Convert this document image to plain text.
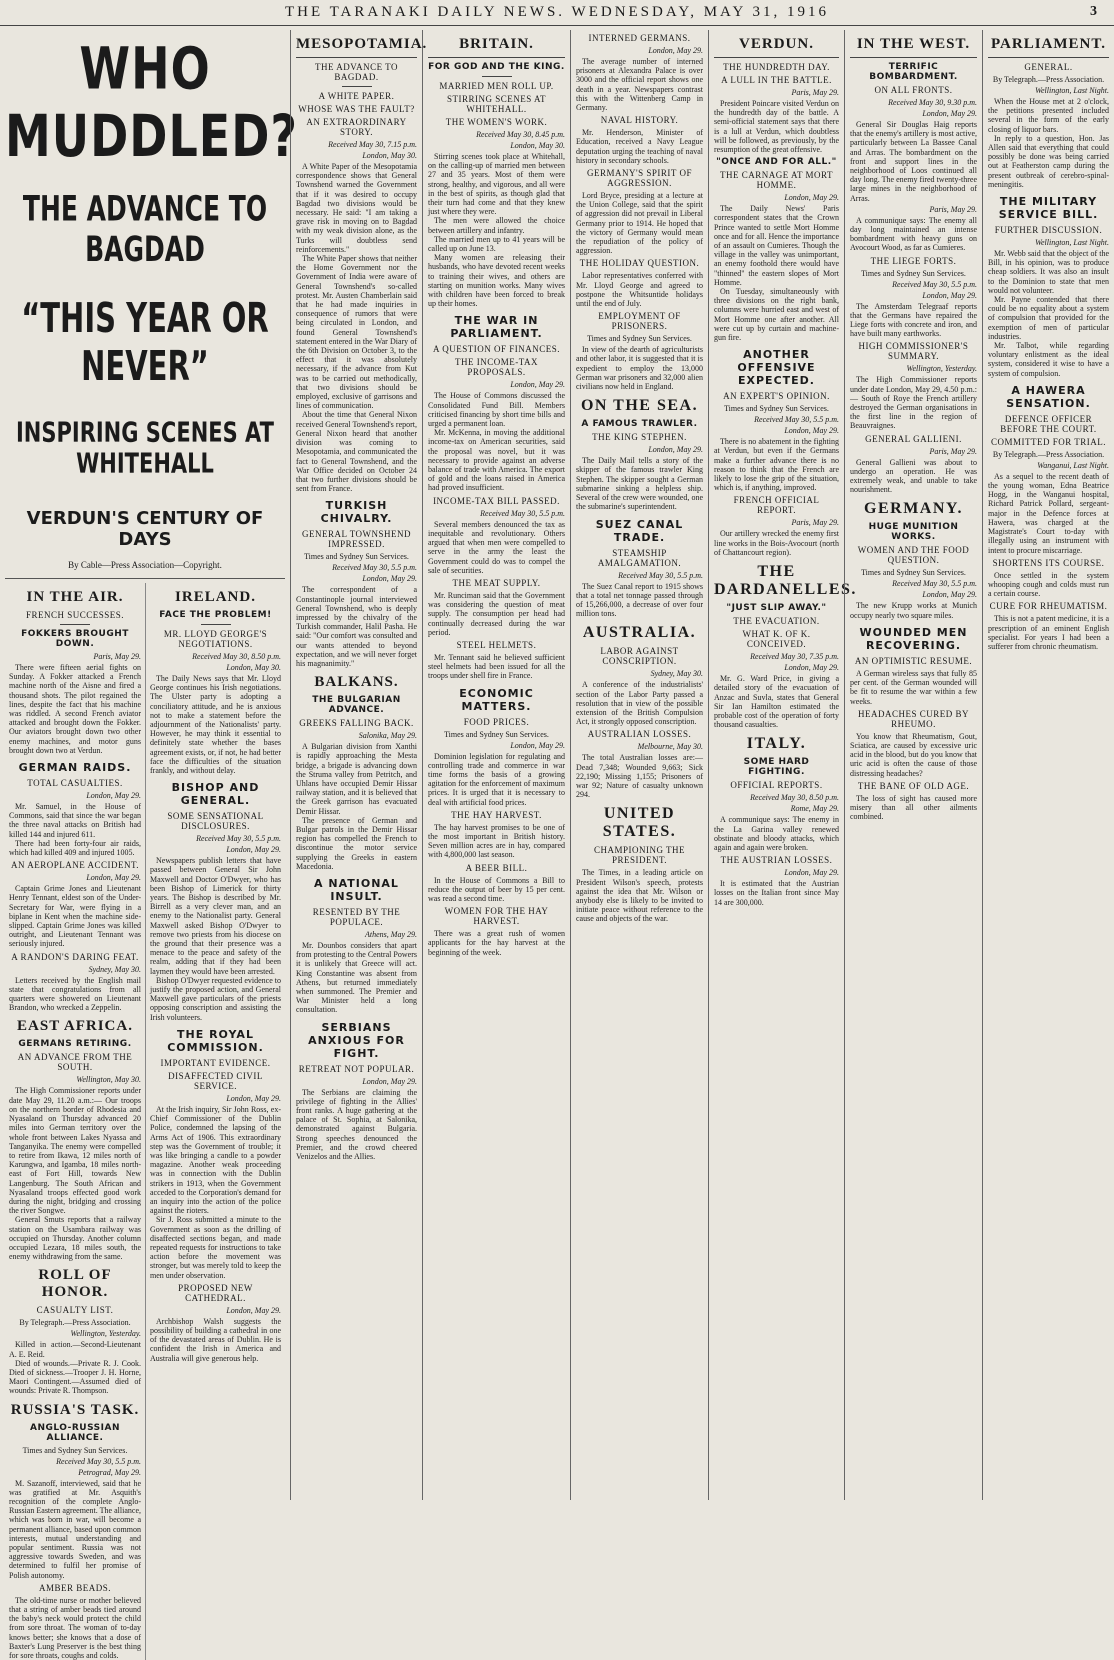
THE TARANAKI DAILY NEWS. WEDNESDAY, MAY 31, 1916	3
WHO MUDDLED?
THE ADVANCE TO BAGDAD
“THIS YEAR OR NEVER”
INSPIRING SCENES AT WHITEHALL
VERDUN'S CENTURY OF DAYS
By Cable—Press Association—Copyright.
IN THE AIR.
FRENCH SUCCESSES.
FOKKERS BROUGHT DOWN.
Paris, May 29.

There were fifteen aerial fights on Sunday. A Fokker attacked a French machine north of the Aisne and fired a thousand shots. The pilot regained the lines, despite the fact that his machine was riddled. A second French aviator attacked and brought down the Fokker. Our aviators brought down two other enemy machines, and motor guns brought down two at Verdun.

GERMAN RAIDS.
TOTAL CASUALTIES.
London, May 29.

Mr. Samuel, in the House of Commons, said that since the war began the three naval attacks on British had killed 144 and injured 611.

There had been forty-four air raids, which had killed 409 and injured 1005.

AN AEROPLANE ACCIDENT.
London, May 29.

Captain Grime Jones and Lieutenant Henry Tennant, eldest son of the Under-Secretary for War, were flying in a biplane in Kent when the machine side-slipped. Captain Grime Jones was killed outright, and Lieutenant Tennant was seriously injured.

A RANDON'S DARING FEAT.
Sydney, May 30.

Letters received by the English mail state that congratulations from all quarters were showered on Lieutenant Brandon, who wrecked a Zeppelin.

EAST AFRICA.
GERMANS RETIRING.
AN ADVANCE FROM THE SOUTH.
Wellington, May 30.

The High Commissioner reports under date May 29, 11.20 a.m.:— Our troops on the northern border of Rhodesia and Nyasaland on Thursday advanced 20 miles into German territory over the whole front between Lakes Nyassa and Tanganyika. The enemy were compelled to retire from Ikawa, 12 miles north of Karungwa, and Igamba, 18 miles north-east of Fort Hill, towards New Langenburg. The South African and Nyasaland troops effected good work during the night, bridging and crossing the river Songwe.

General Smuts reports that a railway station on the Usambara railway was occupied on Thursday. Another column occupied Lezara, 18 miles south, the enemy withdrawing from the same.

ROLL OF HONOR.
CASUALTY LIST.
By Telegraph.—Press Association.
Wellington, Yesterday.

Killed in action.—Second-Lieutenant A. E. Reid.

Died of wounds.—Private R. J. Cook. Died of sickness.—Trooper J. H. Horne, Maori Contingent.—Assumed died of wounds: Private R. Thompson.

RUSSIA'S TASK.
ANGLO-RUSSIAN ALLIANCE.
Times and Sydney Sun Services.
Received May 30, 5.5 p.m.
Petrograd, May 29.

M. Sazanoff, interviewed, said that he was gratified at Mr. Asquith's recognition of the complete Anglo-Russian Eastern agreement. The alliance, which was born in war, will become a permanent alliance, based upon common interests, mutual understanding and popular sentiment. Russia was not aggressive towards Sweden, and was determined to fulfil her promise of Polish autonomy.

AMBER BEADS.

The old-time nurse or mother believed that a string of amber beads tied around the baby's neck would protect the child from sore throat. The woman of to-day knows better; she knows that a dose of Baxter's Lung Preserver is the best thing for sore throats, coughs and colds.

IRELAND.
FACE THE PROBLEM!
MR. LLOYD GEORGE'S NEGOTIATIONS.
Received May 30, 8.50 p.m.
London, May 30.

The Daily News says that Mr. Lloyd George continues his Irish negotiations. The Ulster party is adopting a conciliatory attitude, and he is anxious not to make a statement before the adjournment of the Nationalists' party. However, he may think it essential to definitely state whether the bases agreement exists, or, if not, he had better face the difficulties of the situation frankly, and without delay.

BISHOP AND GENERAL.
SOME SENSATIONAL DISCLOSURES.
Received May 30, 5.5 p.m.
London, May 29.

Newspapers publish letters that have passed between General Sir John Maxwell and Doctor O'Dwyer, who has been Bishop of Limerick for thirty years. The Bishop is described by Mr. Birrell as a very clever man, and an enemy to the Nationalist party. General Maxwell asked Bishop O'Dwyer to remove two priests from his diocese on the ground that their presence was a menace to the peace and safety of the realm, adding that if they had been laymen they would have been arrested.

Bishop O'Dwyer requested evidence to justify the proposed action, and General Maxwell gave particulars of the priests opposing conscription and assisting the Irish volunteers.

THE ROYAL COMMISSION.
IMPORTANT EVIDENCE.
DISAFFECTED CIVIL SERVICE.
London, May 29.

At the Irish inquiry, Sir John Ross, ex-Chief Commissioner of the Dublin Police, condemned the lapsing of the Arms Act of 1906. This extraordinary step was the Government of trouble; it was like bringing a candle to a powder magazine. Another weak proceeding was in connection with the Dublin strikers in 1913, when the Government acceded to the Corporation's demand for an inquiry into the action of the police against the rioters.

Sir J. Ross submitted a minute to the Government as soon as the drilling of disaffected sections began, and made repeated requests for instructions to take action before the movement was stronger, but was merely told to keep the men under observation.

PROPOSED NEW CATHEDRAL.
London, May 29.

Archbishop Walsh suggests the possibility of building a cathedral in one of the devastated areas of Dublin. He is confident the Irish in America and Australia will give generous help.

MESOPOTAMIA.
THE ADVANCE TO BAGDAD.
A WHITE PAPER.
WHOSE WAS THE FAULT?
AN EXTRAORDINARY STORY.
Received May 30, 7.15 p.m.
London, May 30.

A White Paper of the Mesopotamia correspondence shows that General Townshend warned the Government that if it was desired to occupy Bagdad two divisions would be necessary. He said: "I am taking a grave risk in moving on to Bagdad with my weak division alone, as the Turks will doubtless send reinforcements."

The White Paper shows that neither the Home Government nor the Government of India were aware of General Townshend's so-called protest. Mr. Austen Chamberlain said that he had made inquiries in consequence of rumors that were being circulated in London, and found General Townshend's statement entered in the War Diary of the 6th Division on October 3, to the effect that it was absolutely necessary, if the advance from Kut was to be carried out methodically, that two divisions should be employed, exclusive of garrisons and lines of communication.

About the time that General Nixon received General Townshend's report, General Nixon heard that another division was coming to Mesopotamia, and communicated the fact to General Townshend, and the War Office decided on October 24 that two further divisions should be sent from France.

TURKISH CHIVALRY.
GENERAL TOWNSHEND IMPRESSED.
Times and Sydney Sun Services.
Received May 30, 5.5 p.m.
London, May 29.

The correspondent of a Constantinople journal interviewed General Townshend, who is deeply impressed by the chivalry of the Turkish commander, Halil Pasha. He said: "Our comfort was consulted and our wants attended to beyond expectation, and we will never forget his magnanimity."

BALKANS.
THE BULGARIAN ADVANCE.
GREEKS FALLING BACK.
Salonika, May 29.

A Bulgarian division from Xanthi is rapidly approaching the Mesta bridge, a brigade is advancing down the Struma valley from Petritch, and Uhlans have occupied Demir Hissar railway station, and it is believed that the Greek garrison has evacuated Demir Hissar.

The presence of German and Bulgar patrols in the Demir Hissar region has compelled the French to discontinue the motor service supplying the Greeks in eastern Macedonia.

A NATIONAL INSULT.
RESENTED BY THE POPULACE.
Athens, May 29.

Mr. Dounbos considers that apart from protesting to the Central Powers it is unlikely that Greece will act. King Constantine was absent from Athens, but returned immediately when summoned. The Premier and War Minister held a long consultation.

SERBIANS ANXIOUS FOR FIGHT.
RETREAT NOT POPULAR.
London, May 29.

The Serbians are claiming the privilege of fighting in the Allies' front ranks. A huge gathering at the palace of St. Sophia, at Salonika, demonstrated against Bulgaria. Strong speeches denounced the Premier, and the crowd cheered Venizelos and the Allies.

BRITAIN.
FOR GOD AND THE KING.
MARRIED MEN ROLL UP.
STIRRING SCENES AT WHITEHALL.
THE WOMEN'S WORK.
Received May 30, 8.45 p.m.
London, May 30.

Stirring scenes took place at Whitehall, on the calling-up of married men between 27 and 35 years. Most of them were strong, healthy, and vigorous, and all were in the best of spirits, as though glad that their turn had come and that they knew just where they were.

The men were allowed the choice between artillery and infantry.

The married men up to 41 years will be called up on June 13.

Many women are releasing their husbands, who have devoted recent weeks to training their wives, and others are starting on munition works. Many wives with children have been forced to break up their homes.

THE WAR IN PARLIAMENT.
A QUESTION OF FINANCES.
THE INCOME-TAX PROPOSALS.
London, May 29.

The House of Commons discussed the Consolidated Fund Bill. Members criticised financing by short time bills and urged a permanent loan.

Mr. McKenna, in moving the additional income-tax on American securities, said the proposal was novel, but it was necessary to provide against an adverse balance of trade with America. The export of gold and the loans raised in America had proved insufficient.

INCOME-TAX BILL PASSED.
Received May 30, 5.5 p.m.

Several members denounced the tax as inequitable and revolutionary. Others argued that when men were compelled to serve in the army the least the Government could do was to compel the sale of securities.

THE MEAT SUPPLY.

Mr. Runciman said that the Government was considering the question of meat supply. The consumption per head had continually decreased during the war period.

STEEL HELMETS.

Mr. Tennant said he believed sufficient steel helmets had been issued for all the troops under shell fire in France.

ECONOMIC MATTERS.
FOOD PRICES.
Times and Sydney Sun Services.
London, May 29.

Dominion legislation for regulating and controlling trade and commerce in war time forms the basis of a growing agitation for the enforcement of maximum prices. It is urged that it is necessary to deal with artificial food prices.

THE HAY HARVEST.

The hay harvest promises to be one of the most important in British history. Seven million acres are in hay, compared with 4,800,000 last season.

A BEER BILL.

In the House of Commons a Bill to reduce the output of beer by 15 per cent. was read a second time.

WOMEN FOR THE HAY HARVEST.

There was a great rush of women applicants for the hay harvest at the beginning of the week.

INTERNED GERMANS.
London, May 29.

The average number of interned prisoners at Alexandra Palace is over 3000 and the official report shows one death in a year. Newspapers contrast this with the Wittenberg Camp in Germany.

NAVAL HISTORY.

Mr. Henderson, Minister of Education, received a Navy League deputation urging the teaching of naval history in secondary schools.

GERMANY'S SPIRIT OF AGGRESSION.

Lord Bryce, presiding at a lecture at the Union College, said that the spirit of aggression did not prevail in Liberal Germany prior to 1914. He hoped that the victory of Germany would mean the repudiation of the policy of aggression.

THE HOLIDAY QUESTION.

Labor representatives conferred with Mr. Lloyd George and agreed to postpone the Whitsuntide holidays until the end of July.

EMPLOYMENT OF PRISONERS.
Times and Sydney Sun Services.

In view of the dearth of agriculturists and other labor, it is suggested that it is expedient to employ the 13,000 German war prisoners and 32,000 alien civilians now held in England.

ON THE SEA.
A FAMOUS TRAWLER.
THE KING STEPHEN.
London, May 29.

The Daily Mail tells a story of the skipper of the famous trawler King Stephen. The skipper sought a German submarine sinking a helpless ship. Several of the crew were wounded, one the submarine's superintendent.

SUEZ CANAL TRADE.
STEAMSHIP AMALGAMATION.
Received May 30, 5.5 p.m.

The Suez Canal report to 1915 shows that a total net tonnage passed through of 15,266,000, a decrease of over four million tons.

AUSTRALIA.
LABOR AGAINST CONSCRIPTION.
Sydney, May 30.

A conference of the industrialists' section of the Labor Party passed a resolution that in view of the possible extension of the British Compulsion Act, it strongly opposed conscription.

AUSTRALIAN LOSSES.
Melbourne, May 30.

The total Australian losses are:— Dead 7,348; Wounded 9,663; Sick 22,190; Missing 1,155; Prisoners of war 92; Nature of casualty unknown 294.

UNITED STATES.
CHAMPIONING THE PRESIDENT.

The Times, in a leading article on President Wilson's speech, protests against the idea that Mr. Wilson or anybody else is likely to be invited to initiate peace without reference to the cause and objects of the war.

VERDUN.
THE HUNDREDTH DAY.
A LULL IN THE BATTLE.
Paris, May 29.

President Poincare visited Verdun on the hundredth day of the battle. A semi-official statement says that there is a lull at Verdun, which doubtless will be followed, as previously, by the resumption of the great offensive.

"ONCE AND FOR ALL."
THE CARNAGE AT MORT HOMME.
London, May 29.

The Daily News' Paris correspondent states that the Crown Prince wanted to settle Mort Homme once and for all. Hence the importance of an assault on Cumieres. Though the village in the valley was unimportant, an enemy foothold there would have "thinned" the eastern slopes of Mort Homme.

On Tuesday, simultaneously with three divisions on the right bank, columns were hurried east and west of Mort Homme one after another. All were cut up by curtain and machine-gun fire.

ANOTHER OFFENSIVE EXPECTED.
AN EXPERT'S OPINION.
Times and Sydney Sun Services.
Received May 30, 5.5 p.m.
London, May 29.

There is no abatement in the fighting at Verdun, but even if the Germans make a further advance there is no reason to think that the French are likely to lose the grip of the situation, which is, if anything, improved.

FRENCH OFFICIAL REPORT.
Paris, May 29.

Our artillery wrecked the enemy first line works in the Bois-Avocourt (north of Chattancourt region).

THE DARDANELLES.
"JUST SLIP AWAY."
THE EVACUATION.
WHAT K. OF K. CONCEIVED.
Received May 30, 7.35 p.m.
London, May 29.

Mr. G. Ward Price, in giving a detailed story of the evacuation of Anzac and Suvla, states that General Sir Ian Hamilton estimated the probable cost of the operation of forty thousand casualties.

ITALY.
SOME HARD FIGHTING.
OFFICIAL REPORTS.
Received May 30, 8.50 p.m.
Rome, May 29.

A communique says: The enemy in the La Garina valley renewed obstinate and bloody attacks, which again and again were broken.

THE AUSTRIAN LOSSES.
London, May 29.

It is estimated that the Austrian losses on the Italian front since May 14 are 300,000.

IN THE WEST.
TERRIFIC BOMBARDMENT.
ON ALL FRONTS.
Received May 30, 9.30 p.m.
London, May 29.

General Sir Douglas Haig reports that the enemy's artillery is most active, particularly between La Bassee Canal and Arras. The bombardment on the front and support lines in the neighborhood of Loos continued all day long. The enemy fired twenty-three large mines in the neighborhood of Arras.

Paris, May 29.

A communique says: The enemy all day long maintained an intense bombardment with heavy guns on Avocourt Wood, as far as Cumieres.

THE LIEGE FORTS.
Times and Sydney Sun Services.
Received May 30, 5.5 p.m.
London, May 29.

The Amsterdam Telegraaf reports that the Germans have repaired the Liege forts with concrete and iron, and have built many earthworks.

HIGH COMMISSIONER'S SUMMARY.
Wellington, Yesterday.

The High Commissioner reports under date London, May 29, 4.50 p.m.:— South of Roye the French artillery destroyed the German organisations in the first line in the region of Beauvraignes.

GENERAL GALLIENI.
Paris, May 29.

General Gallieni was about to undergo an operation. He was extremely weak, and unable to take nourishment.

GERMANY.
HUGE MUNITION WORKS.
WOMEN AND THE FOOD QUESTION.
Times and Sydney Sun Services.
Received May 30, 5.5 p.m.
London, May 29.

The new Krupp works at Munich occupy nearly two square miles.

WOUNDED MEN RECOVERING.
AN OPTIMISTIC RESUME.

A German wireless says that fully 85 per cent. of the German wounded will be fit to resume the war within a few weeks.

HEADACHES CURED BY RHEUMO.

You know that Rheumatism, Gout, Sciatica, are caused by excessive uric acid in the blood, but do you know that uric acid is often the cause of those distressing headaches?

THE BANE OF OLD AGE.

The loss of sight has caused more misery than all other ailments combined.

PARLIAMENT.
GENERAL.
By Telegraph.—Press Association.
Wellington, Last Night.

When the House met at 2 o'clock, the petitions presented included several in the form of the early closing of liquor bars.

In reply to a question, Hon. Jas Allen said that everything that could possibly be done was being carried out at Featherston camp during the present outbreak of cerebro-spinal-meningitis.

THE MILITARY SERVICE BILL.
FURTHER DISCUSSION.
Wellington, Last Night.

Mr. Webb said that the object of the Bill, in his opinion, was to produce cheap soldiers. It was also an insult to the Dominion to state that men would not volunteer.

Mr. Payne contended that there could be no equality about a system of compulsion that provided for the exemption of men of particular industries.

Mr. Talbot, while regarding voluntary enlistment as the ideal system, considered it wise to have a system of compulsion.

A HAWERA SENSATION.
DEFENCE OFFICER BEFORE THE COURT.
COMMITTED FOR TRIAL.
By Telegraph.—Press Association.
Wanganui, Last Night.

As a sequel to the recent death of the young woman, Edna Beatrice Hogg, in the Wanganui hospital, Richard Patrick Pollard, sergeant-major in the Defence forces at Hawera, was charged at the Magistrate's Court to-day with illegally using an instrument with intent to procure miscarriage.

SHORTENS ITS COURSE.

Once settled in the system whooping cough and colds must run a certain course.

CURE FOR RHEUMATISM.

This is not a patent medicine, it is a prescription of an eminent English specialist. For years I had been a sufferer from chronic rheumatism.
